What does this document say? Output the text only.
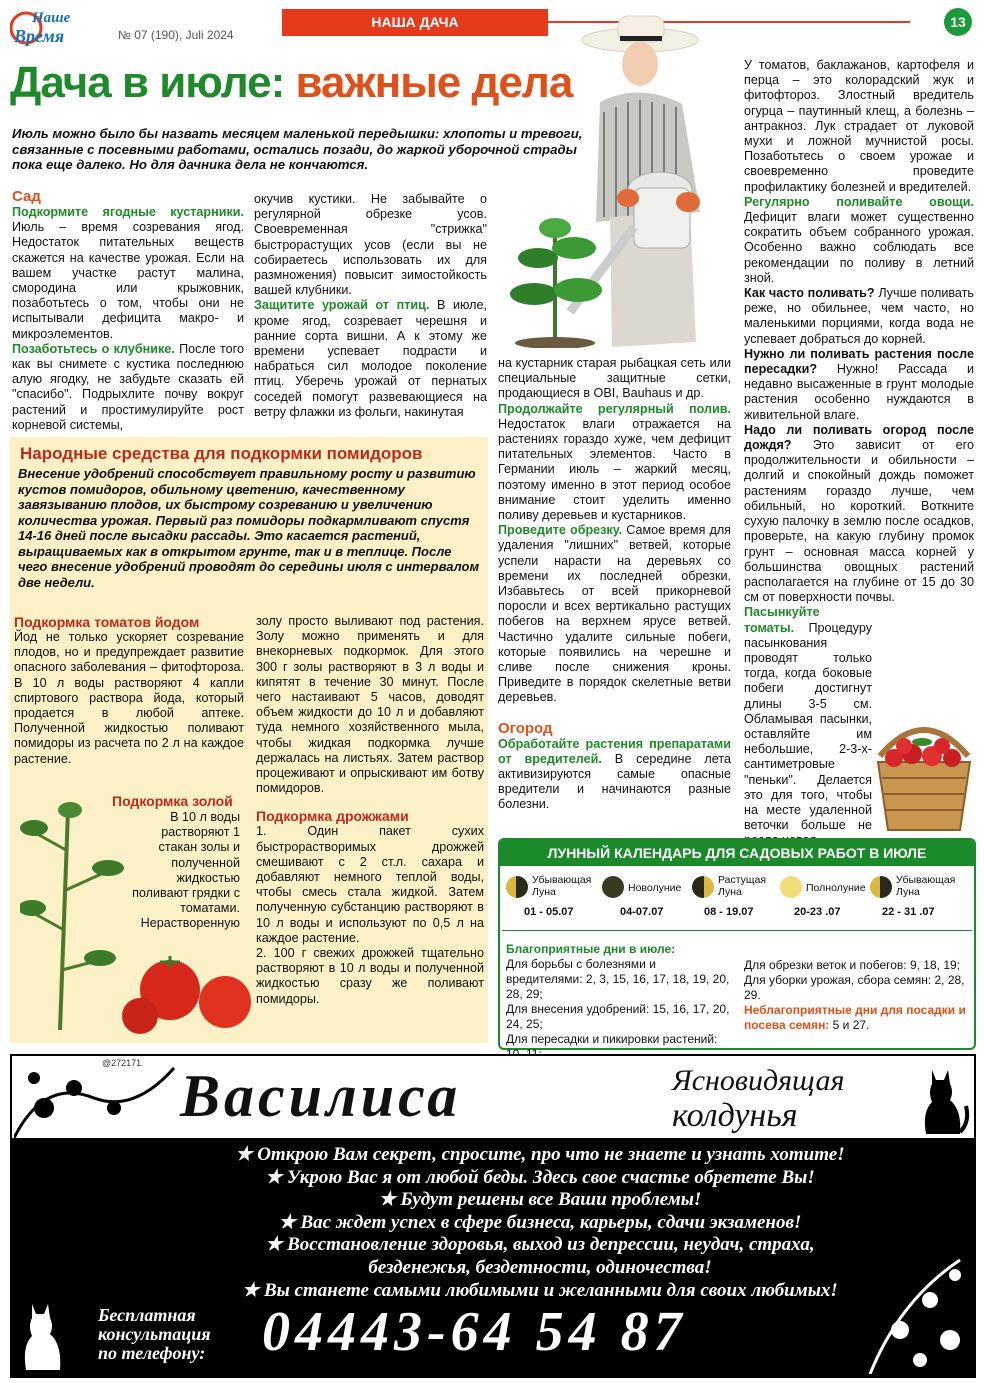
Наше
Время	№ 07 (190), Juli 2024
НАША ДАЧА	13
Дача в июле: важные дела
Июль можно было бы назвать месяцем маленькой передышки: хлопоты и тревоги, связанные с посевными работами, остались позади, до жаркой уборочной страды пока еще далеко. Но для дачника дела не кончаются.
Сад

Подкормите ягодные кустарники. Июль – время созревания ягод. Недостаток питательных веществ скажется на качестве урожая. Если на вашем участке растут малина, смородина или крыжовник, позаботьтесь о том, чтобы они не испытывали дефицита макро- и микроэлементов.

Позаботьтесь о клубнике. После того как вы снимете с кустика последнюю алую ягодку, не забудьте сказать ей "спасибо". Подрыхлите почву вокруг растений и простимулируйте рост корневой системы,

окучив кустики. Не забывайте о регулярной обрезке усов. Своевременная "стрижка" быстрорастущих усов (если вы не собираетесь использовать их для размножения) повысит зимостойкость вашей клубники.

Защитите урожай от птиц. В июле, кроме ягод, созревает черешня и ранние сорта вишни. А к этому же времени успевает подрасти и набраться сил молодое поколение птиц. Уберечь урожай от пернатых соседей помогут развевающиеся на ветру флажки из фольги, накинутая

на кустарник старая рыбацкая сеть или специальные защитные сетки, продающиеся в OBI, Bauhaus и др.

Продолжайте регулярный полив. Недостаток влаги отражается на растениях гораздо хуже, чем дефицит питательных элементов. Часто в Германии июль – жаркий месяц, поэтому именно в этот период особое внимание стоит уделить именно поливу деревьев и кустарников.

Проведите обрезку. Самое время для удаления "лишних" ветвей, которые успели нарасти на деревьях со времени их последней обрезки. Избавьтесь от всей прикорневой поросли и всех вертикально растущих побегов на верхнем ярусе ветвей. Частично удалите сильные побеги, которые появились на черешне и сливе после снижения кроны. Приведите в порядок скелетные ветви деревьев.

Огород

Обработайте растения препаратами от вредителей. В середине лета активизируются самые опасные вредители и начинаются разные болезни.

У томатов, баклажанов, картофеля и перца – это колорадский жук и фитофтороз. Злостный вредитель огурца – паутинный клещ, а болезнь – антракноз. Лук страдает от луковой мухи и ложной мучнистой росы. Позаботьтесь о своем урожае и своевременно проведите профилактику болезней и вредителей.

Регулярно поливайте овощи. Дефицит влаги может существенно сократить объем собранного урожая. Особенно важно соблюдать все рекомендации по поливу в летний зной.

Как часто поливать? Лучше поливать реже, но обильнее, чем часто, но маленькими порциями, когда вода не успевает добраться до корней.

Нужно ли поливать растения после пересадки? Нужно! Рассада и недавно высаженные в грунт молодые растения особенно нуждаются в живительной влаге.

Надо ли поливать огород после дождя? Это зависит от его продолжительности и обильности – долгий и спокойный дождь поможет растениям гораздо лучше, чем обильный, но короткий. Воткните сухую палочку в землю после осадков, проверьте, на какую глубину промок грунт – основная масса корней у большинства овощных растений располагается на глубине от 15 до 30 см от поверхности почвы.

Пасынкуйте томаты. Процедуру пасынкования проводят только тогда, когда боковые побеги достигнут длины 3-5 см. Обламывая пасынки, оставляйте им небольшие, 2-3-х-сантиметровые "пеньки". Делается это для того, чтобы на месте удаленной веточки больше не

Народные средства для подкормки помидоров
Внесение удобрений способствует правильному росту и развитию кустов помидоров, обильному цветению, качественному завязыванию плодов, их быстрому созреванию и увеличению количества урожая. Первый раз помидоры подкармливают спустя 14-16 дней после высадки рассады. Это касается растений, выращиваемых как в открытом грунте, так и в теплице. После чего внесение удобрений проводят до середины июля с интервалом две недели.
Подкормка томатов йодом

Йод не только ускоряет созревание плодов, но и предупреждает развитие опасного заболевания – фитофтороза. В 10 л воды растворяют 4 капли спиртового раствора йода, который продается в любой аптеке. Полученной жидкостью поливают помидоры из расчета по 2 л на каждое растение.

Подкормка золой
В 10 л воды растворяют 1 стакан золы и полученной жидкостью поливают грядки с томатами. Нерастворенную

золу просто выливают под растения. Золу можно применять и для внекорневых подкормок. Для этого 300 г золы растворяют в 3 л воды и кипятят в течение 30 минут. После чего настаивают 5 часов, доводят объем жидкости до 10 л и добавляют туда немного хозяйственного мыла, чтобы жидкая подкормка лучше держалась на листьях. Затем раствор процеживают и опрыскивают им ботву помидоров.

Подкормка дрожжами

1. Один пакет сухих быстрорастворимых дрожжей смешивают с 2 ст.л. сахара и добавляют немного теплой воды, чтобы смесь стала жидкой. Затем полученную субстанцию растворяют в 10 л воды и используют по 0,5 л на каждое растение.

2. 100 г свежих дрожжей тщательно растворяют в 10 л воды и полученной жидкостью сразу же поливают помидоры.

ЛУННЫЙ КАЛЕНДАРЬ ДЛЯ САДОВЫХ РАБОТ В ИЮЛЕ
Убывающая Луна
01 - 05.07
Новолуние
04-07.07
Растущая Луна
08 - 19.07
Полнолуние
20-23 .07
Убывающая Луна
22 - 31 .07
Благоприятные дни в июле:

Для борьбы с болезнями и вредителями: 2, 3, 15, 16, 17, 18, 19, 20, 28, 29;

Для внесения удобрений: 15, 16, 17, 20, 24, 25;

Для пересадки и пикировки растений:

Для обрезки веток и побегов: 9, 18, 19;

Для уборки урожая, сбора семян: 2, 28, 29.

Неблагоприятные дни для посадки и посева семян: 5 и 27.

@272171 Василиса	Ясновидящая
колдунья
★ Открою Вам секрет, спросите, про что не знаете и узнать хотите!
★ Укрою Вас я от любой беды. Здесь свое счастье обретете Вы!
★ Будут решены все Ваши проблемы!
★ Вас ждет успех в сфере бизнеса, карьеры, сдачи экзаменов!
★ Восстановление здоровья, выход из депрессии, неудач, страха,
безденежья, бездетности, одиночества!
★ Вы станете самыми любимыми и желанными для своих любимых!
Бесплатная
консультация
по телефону: 04443-64 54 87
